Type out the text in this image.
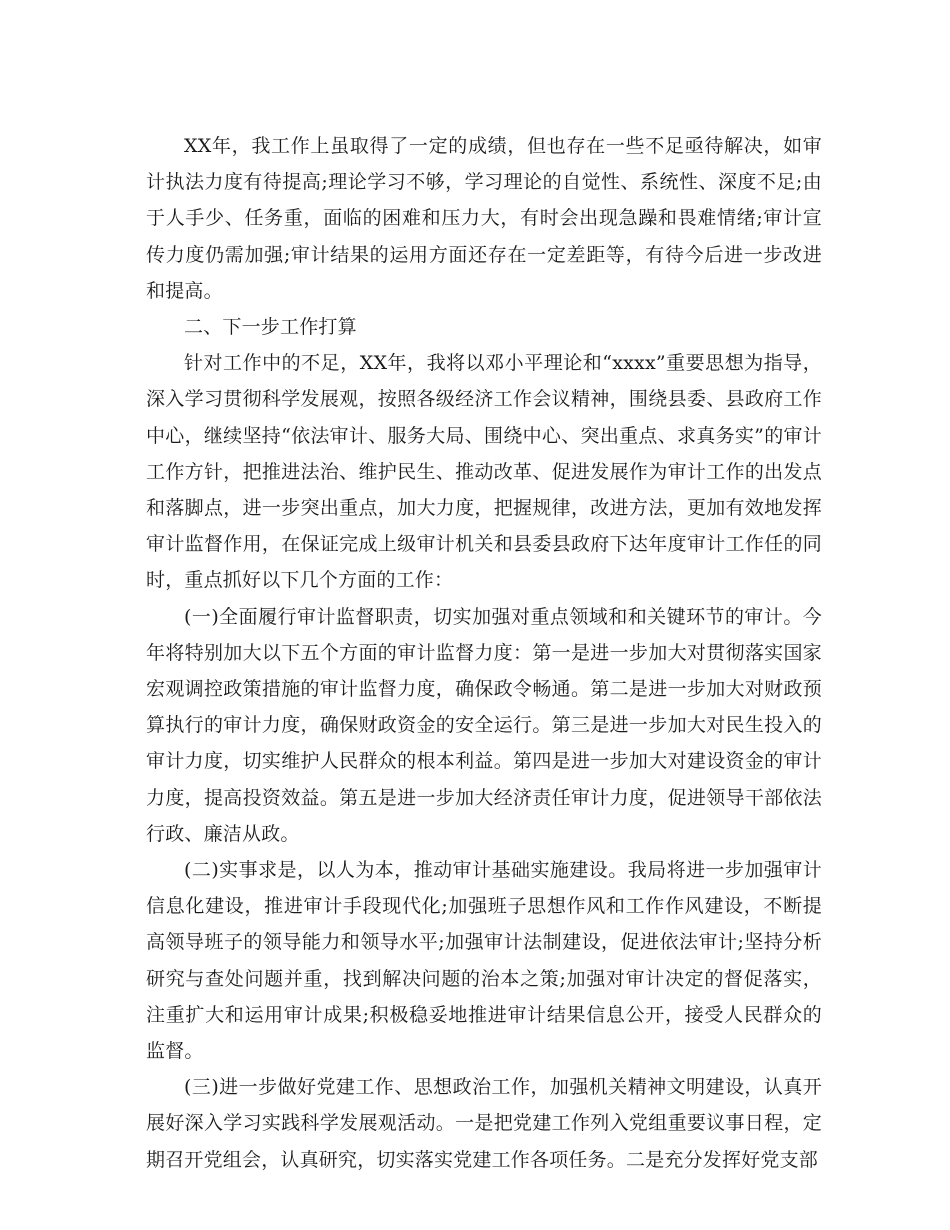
XX年，我工作上虽取得了一定的成绩，但也存在一些不足亟待解决，如审计执法力度有待提高;理论学习不够，学习理论的自觉性、系统性、深度不足;由于人手少、任务重，面临的困难和压力大，有时会出现急躁和畏难情绪;审计宣传力度仍需加强;审计结果的运用方面还存在一定差距等，有待今后进一步改进和提高。

二、下一步工作打算

针对工作中的不足，XX年，我将以邓小平理论和“xxxx”重要思想为指导，深入学习贯彻科学发展观，按照各级经济工作会议精神，围绕县委、县政府工作中心，继续坚持“依法审计、服务大局、围绕中心、突出重点、求真务实”的审计工作方针，把推进法治、维护民生、推动改革、促进发展作为审计工作的出发点和落脚点，进一步突出重点，加大力度，把握规律，改进方法，更加有效地发挥审计监督作用，在保证完成上级审计机关和县委县政府下达年度审计工作任的同时，重点抓好以下几个方面的工作：

(一)全面履行审计监督职责，切实加强对重点领域和和关键环节的审计。今年将特别加大以下五个方面的审计监督力度：第一是进一步加大对贯彻落实国家宏观调控政策措施的审计监督力度，确保政令畅通。第二是进一步加大对财政预算执行的审计力度，确保财政资金的安全运行。第三是进一步加大对民生投入的审计力度，切实维护人民群众的根本利益。第四是进一步加大对建设资金的审计力度，提高投资效益。第五是进一步加大经济责任审计力度，促进领导干部依法行政、廉洁从政。

(二)实事求是，以人为本，推动审计基础实施建设。我局将进一步加强审计信息化建设，推进审计手段现代化;加强班子思想作风和工作作风建设，不断提高领导班子的领导能力和领导水平;加强审计法制建设，促进依法审计;坚持分析研究与查处问题并重，找到解决问题的治本之策;加强对审计决定的督促落实，注重扩大和运用审计成果;积极稳妥地推进审计结果信息公开，接受人民群众的监督。

(三)进一步做好党建工作、思想政治工作，加强机关精神文明建设，认真开展好深入学习实践科学发展观活动。一是把党建工作列入党组重要议事日程，定期召开党组会，认真研究，切实落实党建工作各项任务。二是充分发挥好党支部
